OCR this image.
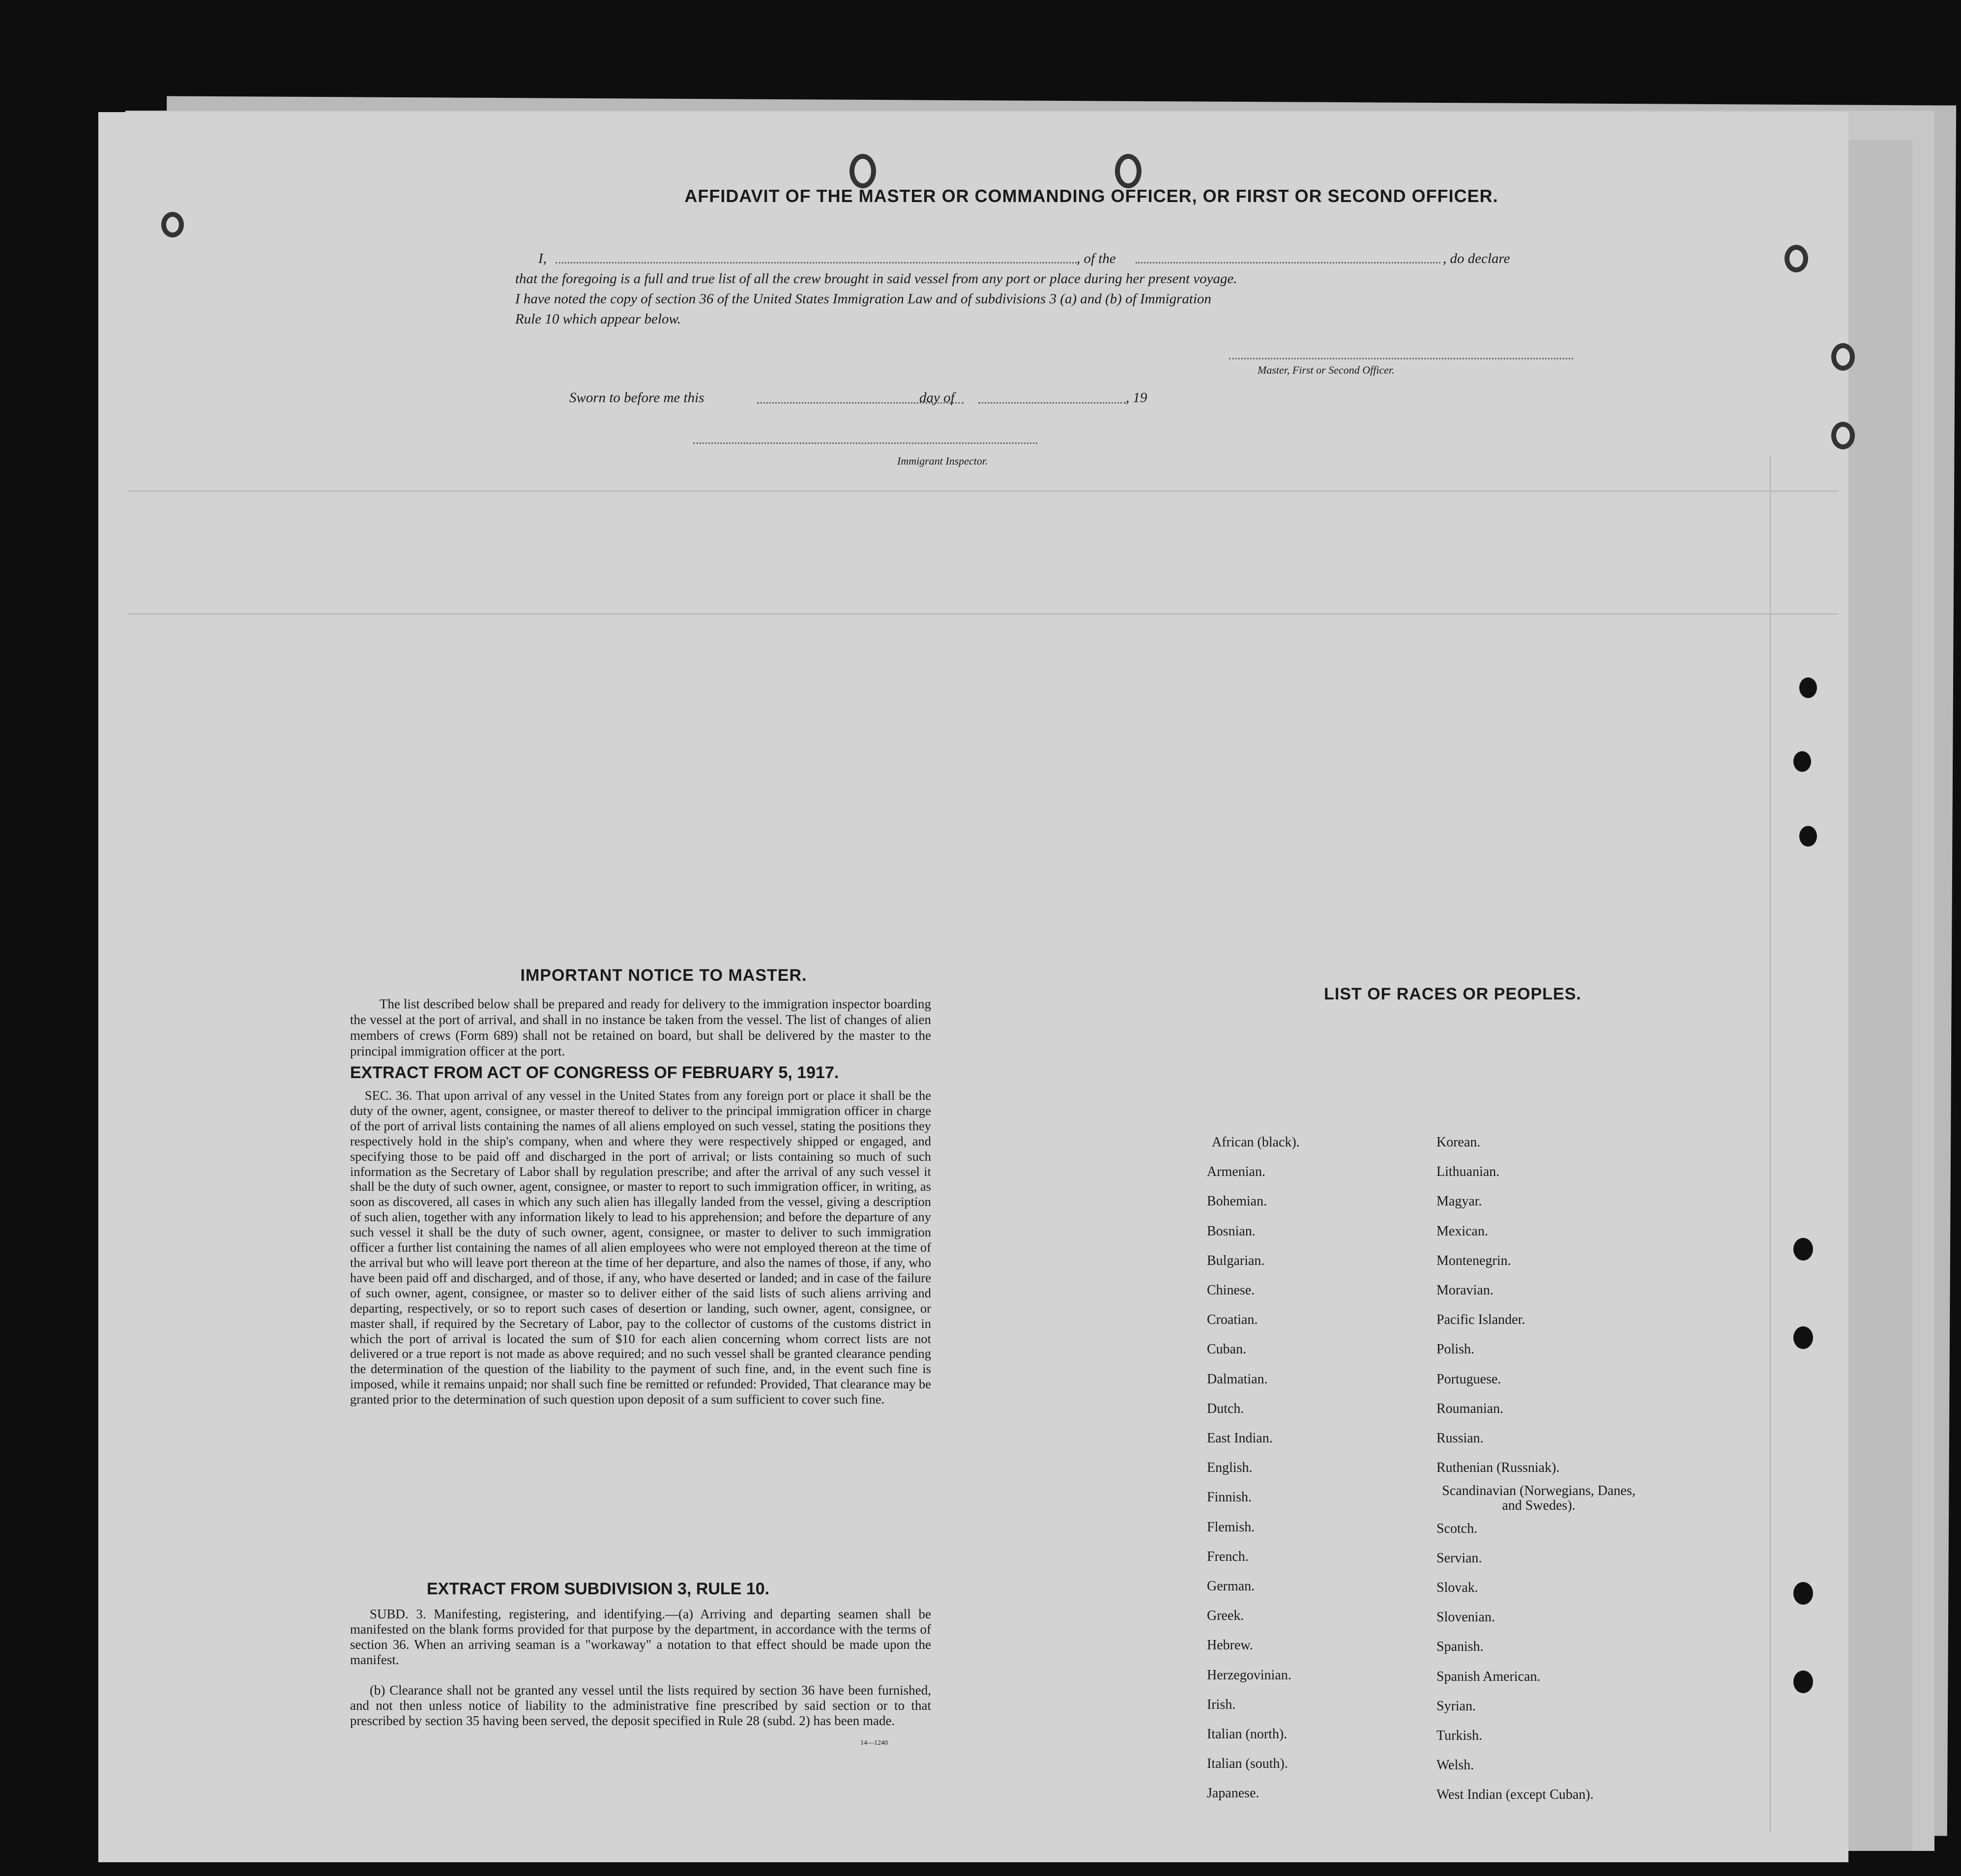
AFFIDAVIT OF THE MASTER OR COMMANDING OFFICER, OR FIRST OR SECOND OFFICER.
I,	, of the	, do declare
that the foregoing is a full and true list of all the crew brought in said vessel from any port or place during her present voyage.
I have noted the copy of section 36 of the United States Immigration Law and of subdivisions 3 (a) and (b) of Immigration
Rule 10 which appear below.
Master, First or Second Officer.
Sworn to before me this	day of	, 19
Immigrant Inspector.
IMPORTANT NOTICE TO MASTER.
The list described below shall be prepared and ready for delivery to the immigration inspector boarding the vessel at the port of arrival, and shall in no instance be taken from the vessel. The list of changes of alien members of crews (Form 689) shall not be retained on board, but shall be delivered by the master to the principal immigration officer at the port.
EXTRACT FROM ACT OF CONGRESS OF FEBRUARY 5, 1917.
SEC. 36. That upon arrival of any vessel in the United States from any foreign port or place it shall be the duty of the owner, agent, consignee, or master thereof to deliver to the principal immigration officer in charge of the port of arrival lists containing the names of all aliens employed on such vessel, stating the positions they respectively hold in the ship's company, when and where they were respectively shipped or engaged, and specifying those to be paid off and discharged in the port of arrival; or lists containing so much of such information as the Secretary of Labor shall by regulation prescribe; and after the arrival of any such vessel it shall be the duty of such owner, agent, consignee, or master to report to such immigration officer, in writing, as soon as discovered, all cases in which any such alien has illegally landed from the vessel, giving a description of such alien, together with any information likely to lead to his apprehension; and before the departure of any such vessel it shall be the duty of such owner, agent, consignee, or master to deliver to such immigration officer a further list containing the names of all alien employees who were not employed thereon at the time of the arrival but who will leave port thereon at the time of her departure, and also the names of those, if any, who have been paid off and discharged, and of those, if any, who have deserted or landed; and in case of the failure of such owner, agent, consignee, or master so to deliver either of the said lists of such aliens arriving and departing, respectively, or so to report such cases of desertion or landing, such owner, agent, consignee, or master shall, if required by the Secretary of Labor, pay to the collector of customs of the customs district in which the port of arrival is located the sum of $10 for each alien concerning whom correct lists are not delivered or a true report is not made as above required; and no such vessel shall be granted clearance pending the determination of the question of the liability to the payment of such fine, and, in the event such fine is imposed, while it remains unpaid; nor shall such fine be remitted or refunded: Provided, That clearance may be granted prior to the determination of such question upon deposit of a sum sufficient to cover such fine.
EXTRACT FROM SUBDIVISION 3, RULE 10.
SUBD. 3. Manifesting, registering, and identifying.—(a) Arriving and departing seamen shall be manifested on the blank forms provided for that purpose by the department, in accordance with the terms of section 36. When an arriving seaman is a "workaway" a notation to that effect should be made upon the manifest.
(b) Clearance shall not be granted any vessel until the lists required by section 36 have been furnished, and not then unless notice of liability to the administrative fine prescribed by said section or to that prescribed by section 35 having been served, the deposit specified in Rule 28 (subd. 2) has been made.
14—1240
LIST OF RACES OR PEOPLES.
African (black).
Armenian.
Bohemian.
Bosnian.
Bulgarian.
Chinese.
Croatian.
Cuban.
Dalmatian.
Dutch.
East Indian.
English.
Finnish.
Flemish.
French.
German.
Greek.
Hebrew.
Herzegovinian.
Irish.
Italian (north).
Italian (south).
Japanese.
Korean.
Lithuanian.
Magyar.
Mexican.
Montenegrin.
Moravian.
Pacific Islander.
Polish.
Portuguese.
Roumanian.
Russian.
Ruthenian (Russniak).
Scandinavian (Norwegians, Danes, and Swedes).
Scotch.
Servian.
Slovak.
Slovenian.
Spanish.
Spanish American.
Syrian.
Turkish.
Welsh.
West Indian (except Cuban).
